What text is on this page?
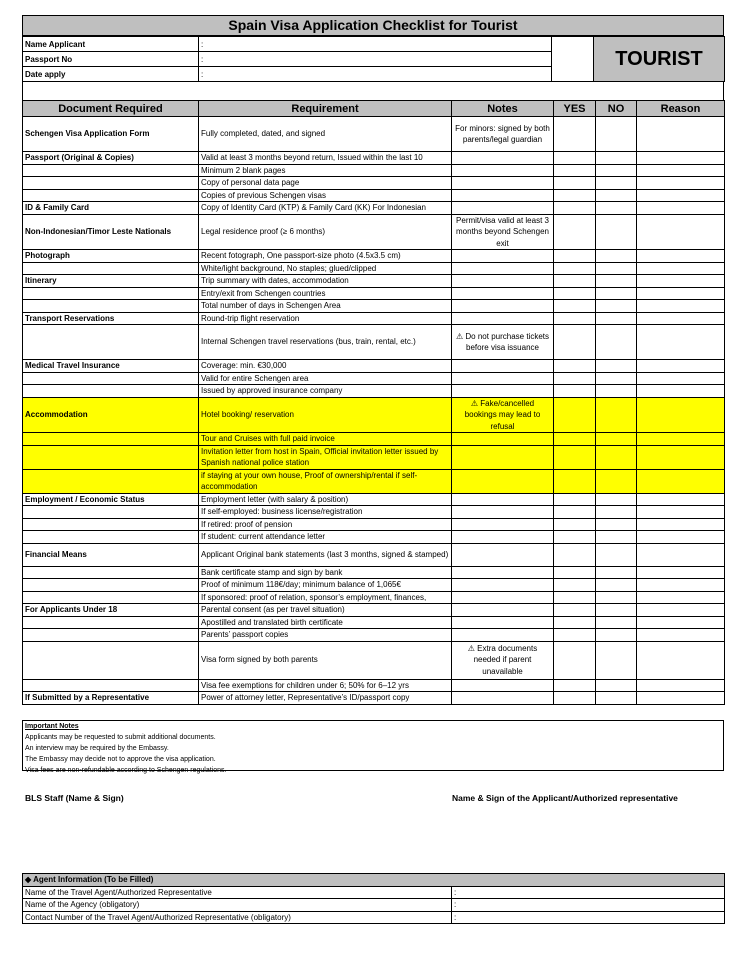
Spain Visa Application Checklist for Tourist
Name Applicant	:		TOURIST
Passport No	:		
Date apply	:		
Document Required	Requirement	Notes	YES	NO	Reason
Schengen Visa Application Form	Fully completed, dated, and signed	For minors: signed by both parents/legal guardian			
Passport (Original & Copies)	Valid at least 3 months beyond return, Issued within the last 10				
	Minimum 2 blank pages				
	Copy of personal data page				
	Copies of previous Schengen visas				
ID & Family Card	Copy of Identity Card (KTP) & Family Card (KK) For Indonesian				
Non-Indonesian/Timor Leste Nationals	Legal residence proof (≥ 6 months)	Permit/visa valid at least 3 months beyond Schengen exit			
Photograph	Recent fotograph, One passport-size photo (4.5x3.5 cm)				
	White/light background, No staples; glued/clipped				
Itinerary	Trip summary with dates, accommodation				
	Entry/exit from Schengen countries				
	Total number of days in Schengen Area				
Transport Reservations	Round-trip flight reservation				
	Internal Schengen travel reservations (bus, train, rental, etc.)	⚠ Do not purchase tickets before visa issuance			
Medical Travel Insurance	Coverage: min. €30,000				
	Valid for entire Schengen area				
	Issued by approved insurance company				
Accommodation	Hotel booking/ reservation	⚠ Fake/cancelled bookings may lead to refusal			
	Tour and Cruises with full paid invoice				
	Invitation letter from host in Spain, Official invitation letter issued by Spanish national police station				
	if staying at your own house, Proof of ownership/rental if self-accommodation				
Employment / Economic Status	Employment letter (with salary & position)				
	If self-employed: business license/registration				
	If retired: proof of pension				
	If student: current attendance letter				
Financial Means	Applicant Original bank statements (last 3 months, signed & stamped)				
	Bank certificate stamp and sign by bank				
	Proof of minimum 118€/day; minimum balance of 1,065€				
	If sponsored: proof of relation, sponsor’s employment, finances,				
For Applicants Under 18	Parental consent (as per travel situation)				
	Apostilled and translated birth certificate				
	Parents’ passport copies				
	Visa form signed by both parents	⚠ Extra documents needed if parent unavailable			
	Visa fee exemptions for children under 6; 50% for 6–12 yrs				
If Submitted by a Representative	Power of attorney letter, Representative’s ID/passport copy				
Important Notes
Applicants may be requested to submit additional documents.
An interview may be required by the Embassy.
The Embassy may decide not to approve the visa application.
Visa fees are non-refundable according to Schengen regulations.
BLS Staff (Name & Sign)	Name & Sign of the Applicant/Authorized representative
◆ Agent Information (To be Filled)	
Name of the Travel Agent/Authorized Representative	:
Name of the Agency (obligatory)	:
Contact Number of the Travel Agent/Authorized Representative (obligatory)	:
